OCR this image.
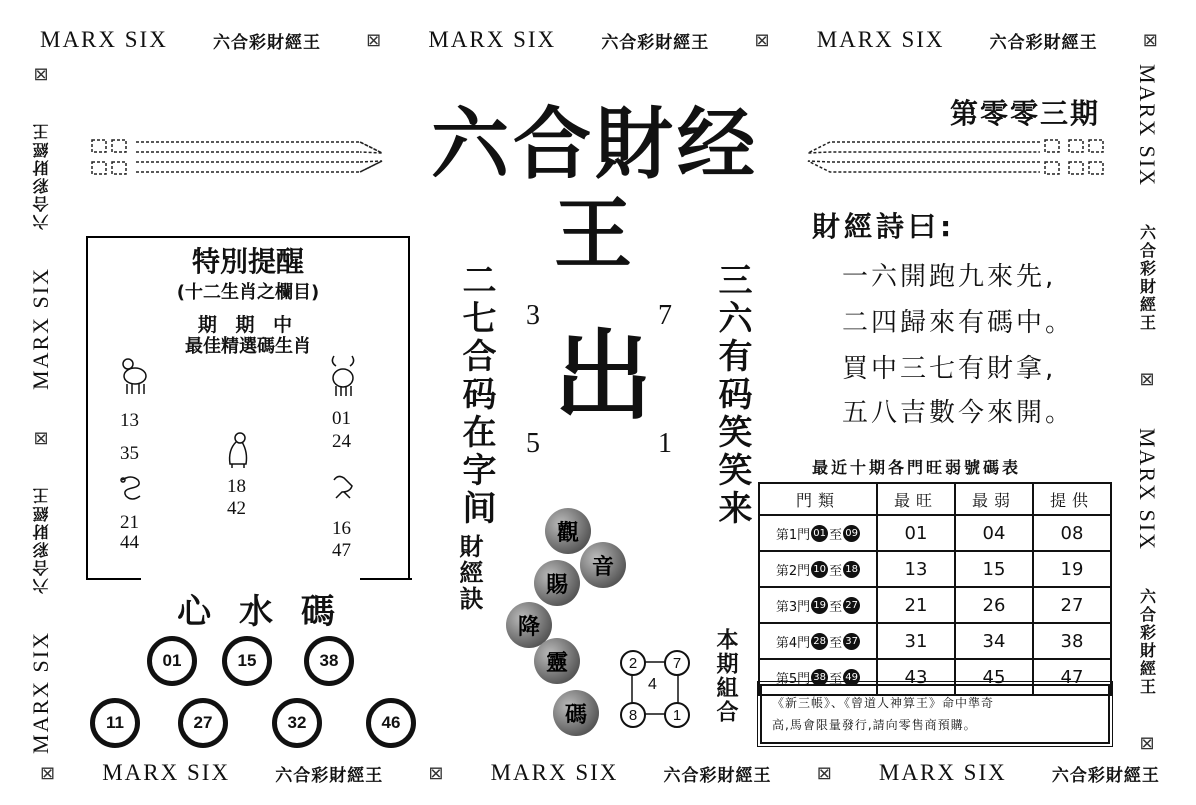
MARX SIX	六合彩財經王	⊠ MARX SIX	六合彩財經王	⊠ MARX SIX	六合彩財經王	⊠
⊠ MARX SIX	六合彩財經王	⊠ MARX SIX	六合彩財經王	⊠ MARX SIX	六合彩財經王
⊠
六合彩財經王
MARX SIX
⊠
六合彩財經王
MARX SIX
MARX SIX
六合彩財經王
⊠
MARX SIX
六合彩財經王
⊠
六合財经王
第零零三期
財經詩曰:
一六開跑九來先,
二四歸來有碼中。
買中三七有財拿,
五八吉數今來開。
特別提醒
(十二生肖之欄目)
期 期 中
最佳精選碼生肖
13
35
21
44
18
42
01
24
16
47
心 水 碼
01	15	38
11	27	32	46
二七合码在字间	三六有码笑笑来
3	7
5	1
出
財經訣
觀
音
賜
降
靈
碼
2	7
4
8	1	本期組合
最近十期各門旺弱號碼表
門類	最旺	最弱	提供

第1門 01 至 09	01	04	08

第2門 10 至 18	13	15	19

第3門 19 至 27	21	26	27

第4門 28 至 37	31	34	38

第5門 38 至 49	43	45	47
《新三帳》、《曾道人神算王》命中準奇
高,馬會限量發行,請向零售商預購。
